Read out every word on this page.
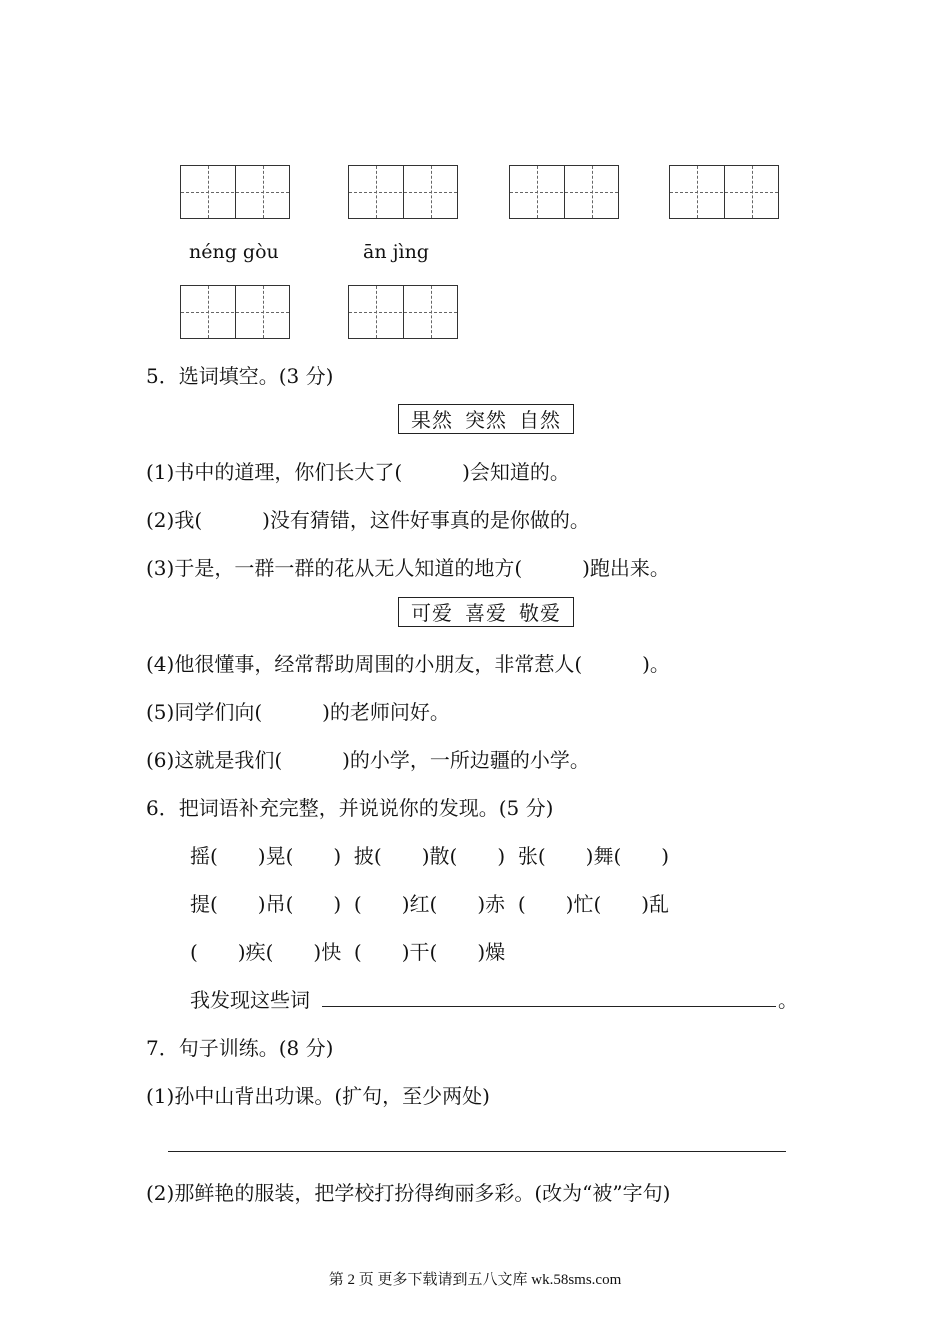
néng gòu	ān jìng
5．选词填空。(3 分)
果然 突然 自然
(1)书中的道理，你们长大了(　　　)会知道的。
(2)我(　　　)没有猜错，这件好事真的是你做的。
(3)于是，一群一群的花从无人知道的地方(　　　)跑出来。
可爱 喜爱 敬爱
(4)他很懂事，经常帮助周围的小朋友，非常惹人(　　　)。
(5)同学们向(　　　)的老师问好。
(6)这就是我们(　　　)的小学，一所边疆的小学。
6．把词语补充完整，并说说你的发现。(5 分)
摇(　　)晃(　　)  披(　　)散(　　)  张(　　)舞(　　)
提(　　)吊(　　)  (　　)红(　　)赤  (　　)忙(　　)乱
(　　)疾(　　)快  (　　)干(　　)燥
我发现这些词	。
7．句子训练。(8 分)
(1)孙中山背出功课。(扩句，至少两处)
(2)那鲜艳的服装，把学校打扮得绚丽多彩。(改为“被”字句)
第 2 页 更多下载请到五八文库 wk.58sms.com
